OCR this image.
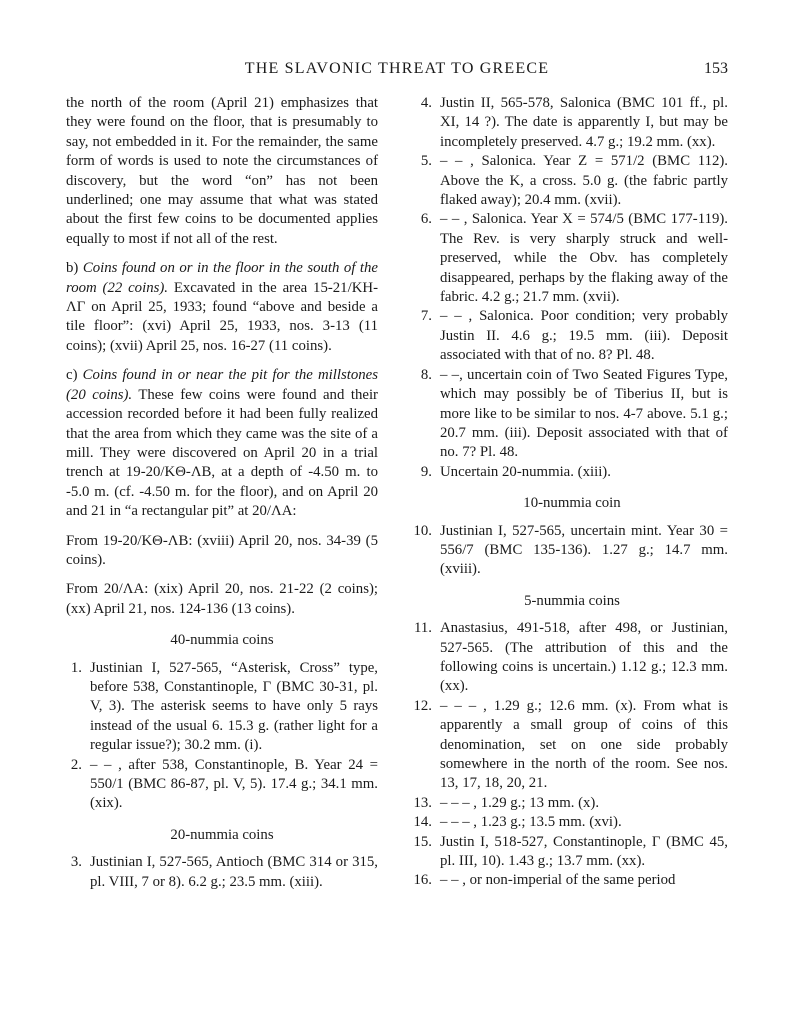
THE SLAVONIC THREAT TO GREECE	153

the north of the room (April 21) emphasizes that they were found on the floor, that is presumably to say, not embedded in it. For the remainder, the same form of words is used to note the circumstances of discovery, but the word “on” has not been underlined; one may assume that what was stated about the first few coins to be documented applies equally to most if not all of the rest.

b) Coins found on or in the floor in the south of the room (22 coins). Excavated in the area 15-21/KH-ΛΓ on April 25, 1933; found “above and beside a tile floor”: (xvi) April 25, 1933, nos. 3-13 (11 coins); (xvii) April 25, nos. 16-27 (11 coins).

c) Coins found in or near the pit for the millstones (20 coins). These few coins were found and their accession recorded before it had been fully realized that the area from which they came was the site of a mill. They were discovered on April 20 in a trial trench at 19-20/KΘ-ΛB, at a depth of -4.50 m. to -5.0 m. (cf. -4.50 m. for the floor), and on April 20 and 21 in “a rectangular pit” at 20/ΛA:

From 19-20/KΘ-ΛB: (xviii) April 20, nos. 34-39 (5 coins).

From 20/ΛA: (xix) April 20, nos. 21-22 (2 coins); (xx) April 21, nos. 124-136 (13 coins).

40-nummia coins
1. Justinian I, 527-565, “Asterisk, Cross” type, before 538, Constantinople, Γ (BMC 30-31, pl. V, 3). The asterisk seems to have only 5 rays instead of the usual 6. 15.3 g. (rather light for a regular issue?); 30.2 mm. (i).
2. – – , after 538, Constantinople, B. Year 24 = 550/1 (BMC 86-87, pl. V, 5). 17.4 g.; 34.1 mm. (xix).
20-nummia coins
3. Justinian I, 527-565, Antioch (BMC 314 or 315, pl. VIII, 7 or 8). 6.2 g.; 23.5 mm. (xiii).
4. Justin II, 565-578, Salonica (BMC 101 ff., pl. XI, 14 ?). The date is apparently I, but may be incompletely preserved. 4.7 g.; 19.2 mm. (xx).
5. – – , Salonica. Year Z = 571/2 (BMC 112). Above the K, a cross. 5.0 g. (the fabric partly flaked away); 20.4 mm. (xvii).
6. – – , Salonica. Year X = 574/5 (BMC 177-119). The Rev. is very sharply struck and well-preserved, while the Obv. has completely disappeared, perhaps by the flaking away of the fabric. 4.2 g.; 21.7 mm. (xvii).
7. – – , Salonica. Poor condition; very probably Justin II. 4.6 g.; 19.5 mm. (iii). Deposit associated with that of no. 8? Pl. 48.
8. – –, uncertain coin of Two Seated Figures Type, which may possibly be of Tiberius II, but is more like to be similar to nos. 4-7 above. 5.1 g.; 20.7 mm. (iii). Deposit associated with that of no. 7? Pl. 48.
9. Uncertain 20-nummia. (xiii).
10-nummia coin
10. Justinian I, 527-565, uncertain mint. Year 30 = 556/7 (BMC 135-136). 1.27 g.; 14.7 mm. (xviii).
5-nummia coins
11. Anastasius, 491-518, after 498, or Justinian, 527-565. (The attribution of this and the following coins is uncertain.) 1.12 g.; 12.3 mm. (xx).
12. – – – , 1.29 g.; 12.6 mm. (x). From what is apparently a small group of coins of this denomination, set on one side probably somewhere in the north of the room. See nos. 13, 17, 18, 20, 21.
13. – – – , 1.29 g.; 13 mm. (x).
14. – – – , 1.23 g.; 13.5 mm. (xvi).
15. Justin I, 518-527, Constantinople, Γ (BMC 45, pl. III, 10). 1.43 g.; 13.7 mm. (xx).
16. – – , or non-imperial of the same period
